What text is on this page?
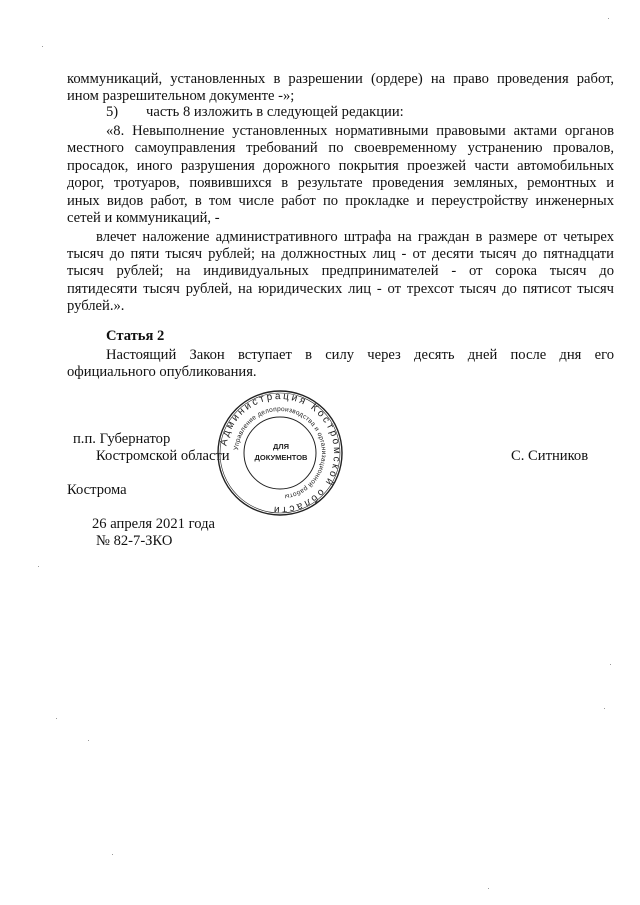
коммуникаций, установленных в разрешении (ордере) на право проведения работ,
ином разрешительном документе -»;
5) часть 8 изложить в следующей редакции:
«8. Невыполнение установленных нормативными правовыми актами органов
местного самоуправления требований по своевременному устранению провалов,
просадок, иного разрушения дорожного покрытия проезжей части автомобильных
дорог, тротуаров, появившихся в результате проведения земляных, ремонтных и
иных видов работ, в том числе работ по прокладке и переустройству инженерных
сетей и коммуникаций, -
влечет наложение административного штрафа на граждан в размере от четырех
тысяч до пяти тысяч рублей; на должностных лиц - от десяти тысяч до пятнадцати
тысяч рублей; на индивидуальных предпринимателей - от сорока тысяч до
пятидесяти тысяч рублей, на юридических лиц - от трехсот тысяч до пятисот тысяч
рублей.».
Статья 2
Настоящий Закон вступает в силу через десять дней после дня его
официального опубликования.
п.п. Губернатор
Костромской области	С. Ситников
Кострома
26 апреля 2021 года
№ 82-7-ЗКО
Администрация Костромской области
Управление делопроизводства и организационной работы
ДЛЯ
ДОКУМЕНТОВ
